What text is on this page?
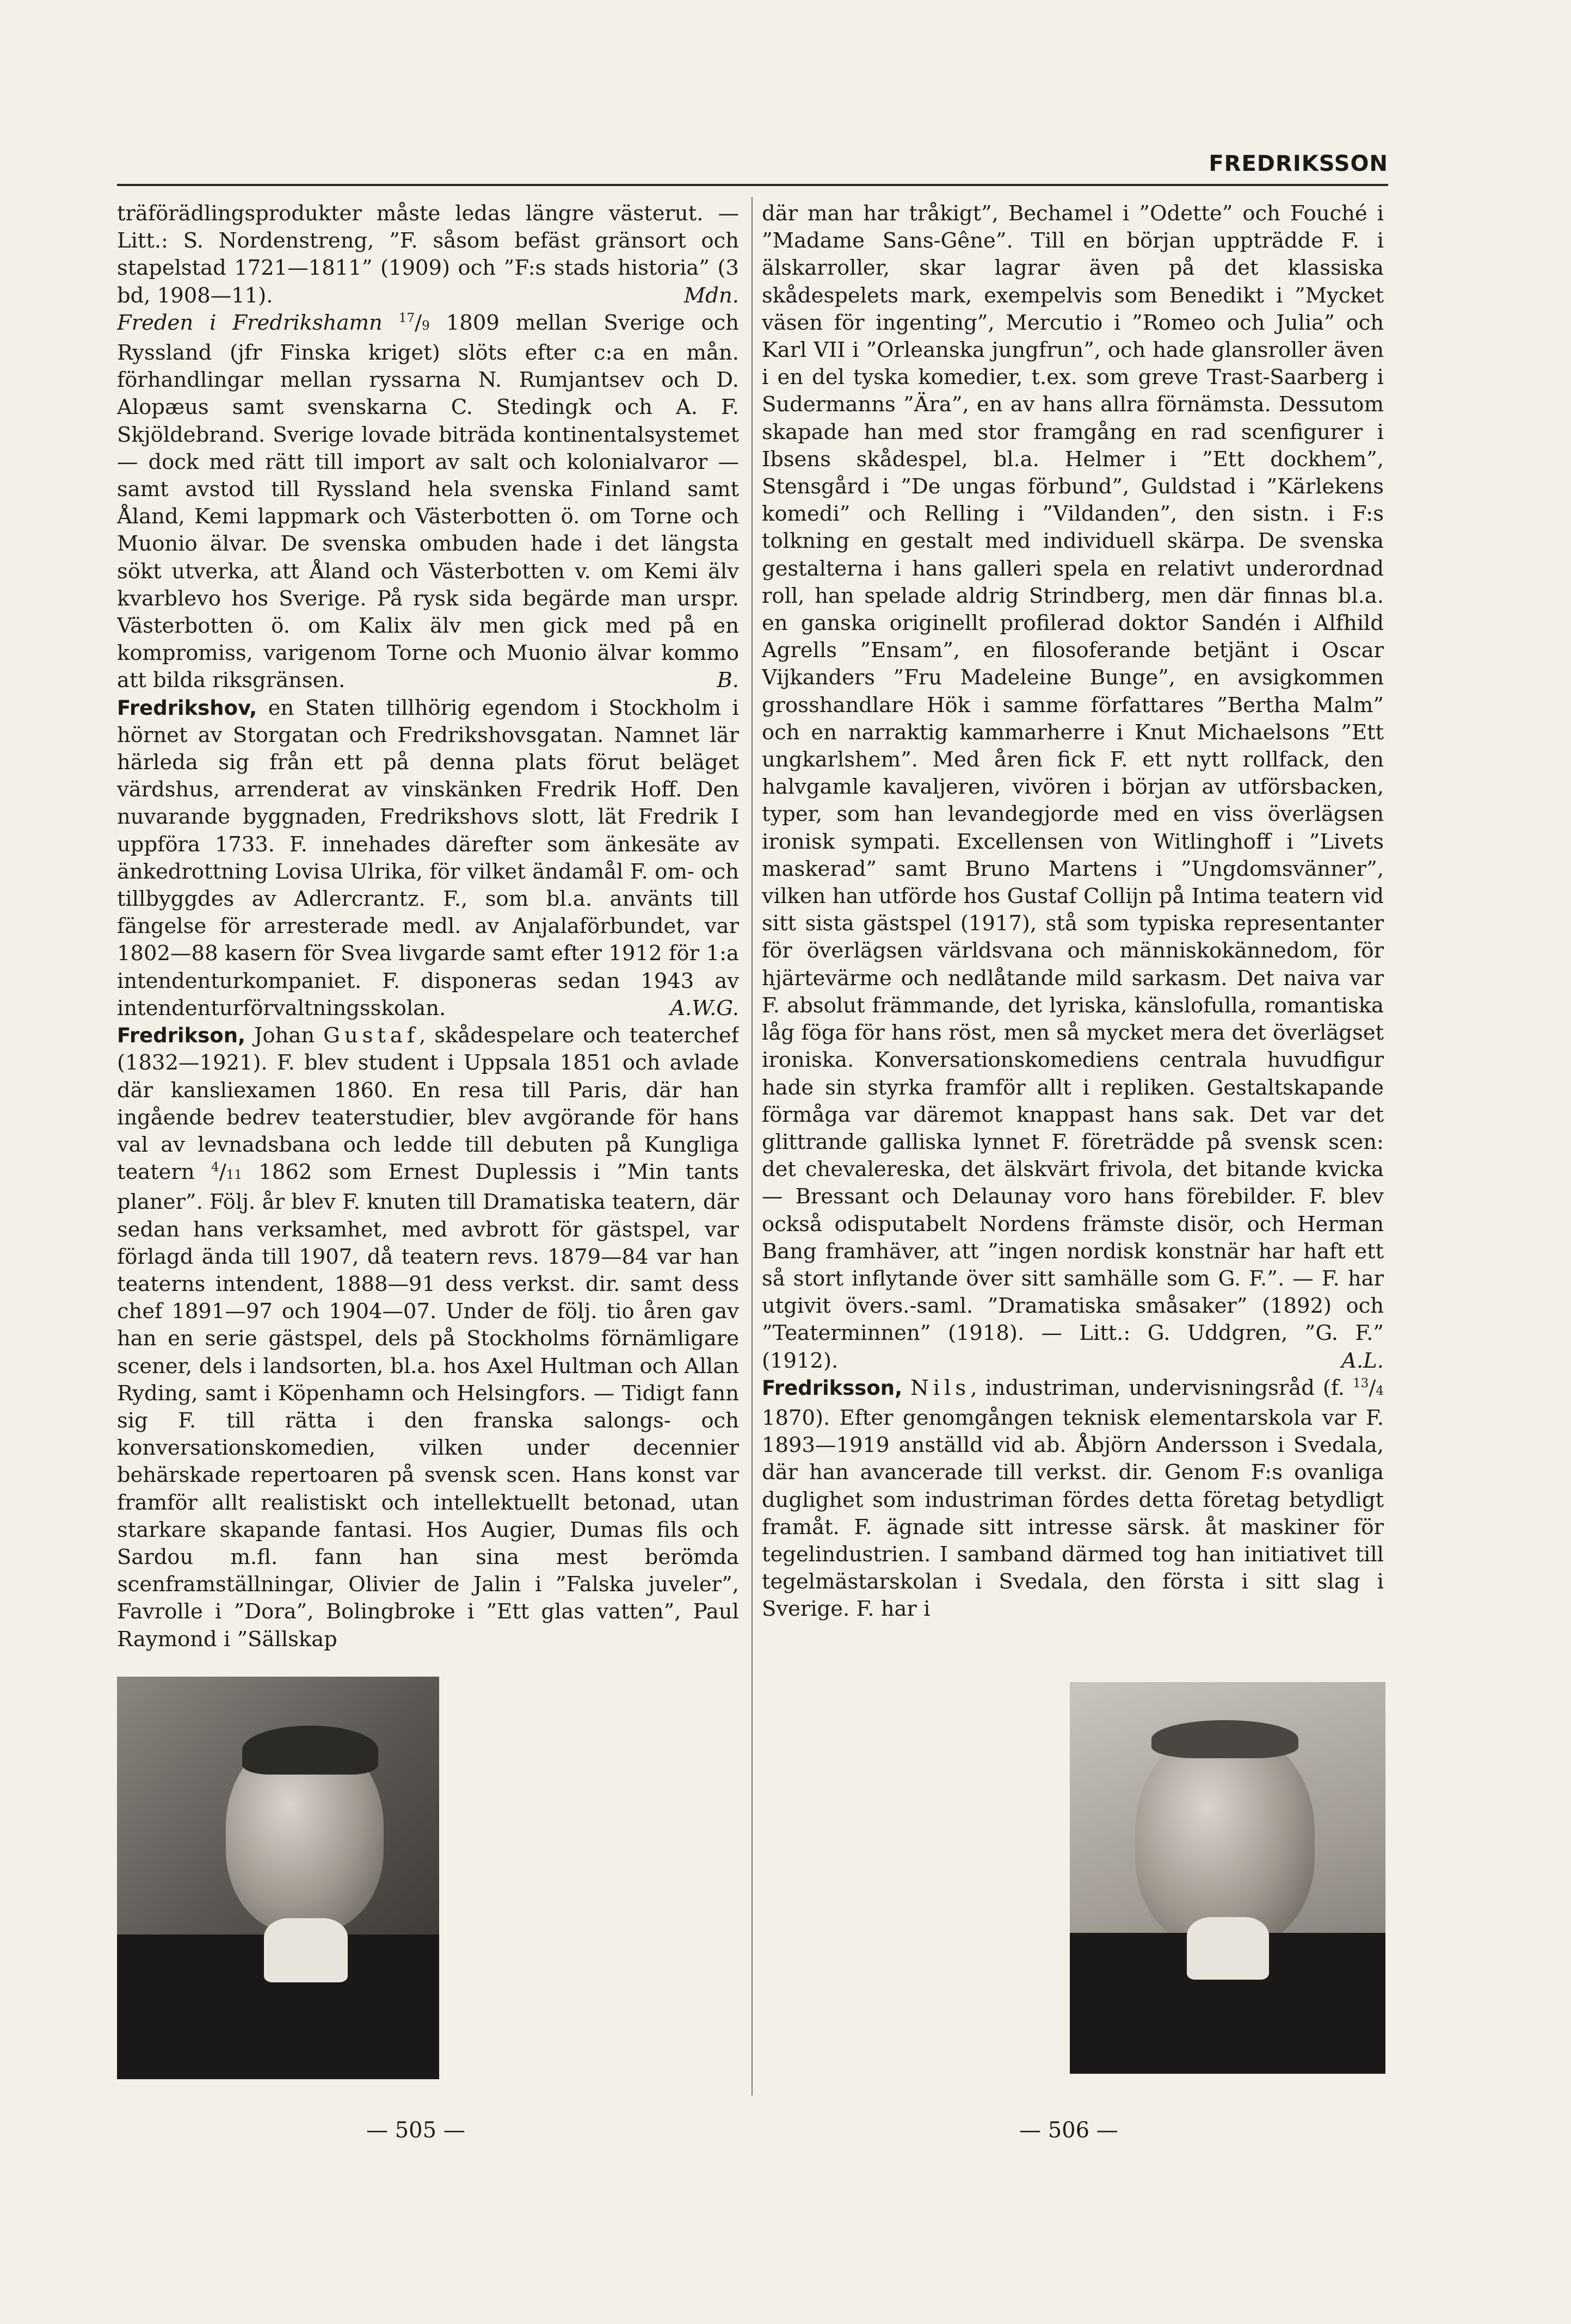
FREDRIKSSON

träförädlingsprodukter måste ledas längre västerut. — Litt.: S. Nordenstreng, ”F. såsom befäst gränsort och stapelstad 1721—1811” (1909) och ”F:s stads historia” (3 bd, 1908—11).	Mdn.

Freden i Fredrikshamn $^{17}$/9 1809 mellan Sverige och Ryssland (jfr Finska kriget) slöts efter c:a en mån. förhandlingar mellan ryssarna N. Rumjantsev och D. Alopæus samt svenskarna C. Stedingk och A. F. Skjöldebrand. Sverige lovade biträda kontinentalsystemet — dock med rätt till import av salt och kolonialvaror — samt avstod till Ryssland hela svenska Finland samt Åland, Kemi lappmark och Västerbotten ö. om Torne och Muonio älvar. De svenska ombuden hade i det längsta sökt utverka, att Åland och Västerbotten v. om Kemi älv kvarblevo hos Sverige. På rysk sida begärde man urspr. Västerbotten ö. om Kalix älv men gick med på en kompromiss, varigenom Torne och Muonio älvar kommo att bilda riksgränsen.	B.

Fredrikshov, en Staten tillhörig egendom i Stockholm i hörnet av Storgatan och Fredrikshovsgatan. Namnet lär härleda sig från ett på denna plats förut beläget värdshus, arrenderat av vinskänken Fredrik Hoff. Den nuvarande byggnaden, Fredrikshovs slott, lät Fredrik I uppföra 1733. F. innehades därefter som änkesäte av änkedrottning Lovisa Ulrika, för vilket ändamål F. om- och tillbyggdes av Adlercrantz. F., som bl.a. använts till fängelse för arresterade medl. av Anjalaförbundet, var 1802—88 kasern för Svea livgarde samt efter 1912 för 1:a intendenturkompaniet. F. disponeras sedan 1943 av intendenturförvaltningsskolan.	A.W.G.

Fredrikson, Johan Gustaf, skådespelare och teaterchef (1832—1921). F. blev student i Uppsala 1851 och avlade där kansliexamen 1860. En resa till Paris, där han ingående bedrev teaterstudier, blev avgörande för hans val av levnadsbana och ledde till debuten på Kungliga teatern $^4$/11 1862 som Ernest Duplessis i ”Min tants planer”. Följ. år blev F. knuten till Dramatiska teatern, där sedan hans verksamhet, med avbrott för gästspel, var förlagd ända till 1907, då teatern revs. 1879—84 var han teaterns intendent, 1888—91 dess verkst. dir. samt dess chef 1891—97 och 1904—07. Under de följ. tio åren gav han en serie gästspel, dels på Stockholms förnämligare scener, dels i landsorten, bl.a. hos Axel Hultman och Allan Ryding, samt i Köpenhamn och Helsingfors. — Tidigt fann sig F. till rätta i den franska salongs- och konversationskomedien, vilken under decennier behärskade repertoaren på svensk scen. Hans konst var framför allt realistiskt och intellektuellt betonad, utan starkare skapande fantasi. Hos Augier, Dumas fils och Sardou m.fl. fann han sina mest berömda scenframställningar, Olivier de Jalin i ”Falska juveler”, Favrolle i ”Dora”, Bolingbroke i ”Ett glas vatten”, Paul Raymond i ”Sällskap

där man har tråkigt”, Bechamel i ”Odette” och Fouché i ”Madame Sans-Gêne”. Till en början uppträdde F. i älskarroller, skar lagrar även på det klassiska skådespelets mark, exempelvis som Benedikt i ”Mycket väsen för ingenting”, Mercutio i ”Romeo och Julia” och Karl VII i ”Orleanska jungfrun”, och hade glansroller även i en del tyska komedier, t.ex. som greve Trast-Saarberg i Sudermanns ”Ära”, en av hans allra förnämsta. Dessutom skapade han med stor framgång en rad scenfigurer i Ibsens skådespel, bl.a. Helmer i ”Ett dockhem”, Stensgård i ”De ungas förbund”, Guldstad i ”Kärlekens komedi” och Relling i ”Vildanden”, den sistn. i F:s tolkning en gestalt med individuell skärpa. De svenska gestalterna i hans galleri spela en relativt underordnad roll, han spelade aldrig Strindberg, men där finnas bl.a. en ganska originellt profilerad doktor Sandén i Alfhild Agrells ”Ensam”, en filosoferande betjänt i Oscar Vijkanders ”Fru Madeleine Bunge”, en avsigkommen grosshandlare Hök i samme författares ”Bertha Malm” och en narraktig kammarherre i Knut Michaelsons ”Ett ungkarlshem”. Med åren fick F. ett nytt rollfack, den halvgamle kavaljeren, vivören i början av utförsbacken, typer, som han levandegjorde med en viss överlägsen ironisk sympati. Excellensen von Witlinghoff i ”Livets maskerad” samt Bruno Martens i ”Ungdomsvänner”, vilken han utförde hos Gustaf Collijn på Intima teatern vid sitt sista gästspel (1917), stå som typiska representanter för överlägsen världsvana och människokännedom, för hjärtevärme och nedlåtande mild sarkasm. Det naiva var F. absolut främmande, det lyriska, känslofulla, romantiska låg föga för hans röst, men så mycket mera det överlägset ironiska. Konversationskomediens centrala huvudfigur hade sin styrka framför allt i repliken. Gestaltskapande förmåga var däremot knappast hans sak. Det var det glittrande galliska lynnet F. företrädde på svensk scen: det chevalereska, det älskvärt frivola, det bitande kvicka — Bressant och Delaunay voro hans förebilder. F. blev också odisputabelt Nordens främste disör, och Herman Bang framhäver, att ”ingen nordisk konstnär har haft ett så stort inflytande över sitt samhälle som G. F.”. — F. har utgivit övers.-saml. ”Dramatiska småsaker” (1892) och ”Teaterminnen” (1918). — Litt.: G. Uddgren, ”G. F.” (1912).	A.L.

Fredriksson, Nils, industriman, undervisningsråd (f. $^{13}$/4 1870). Efter genomgången teknisk elementarskola var F. 1893—1919 anställd vid ab. Åbjörn Andersson i Svedala, där han avancerade till verkst. dir. Genom F:s ovanliga duglighet som industriman fördes detta företag betydligt framåt. F. ägnade sitt intresse särsk. åt maskiner för tegelindustrien. I samband därmed tog han initiativet till tegelmästarskolan i Svedala, den första i sitt slag i Sverige. F. har i

— 505 —	— 506 —
